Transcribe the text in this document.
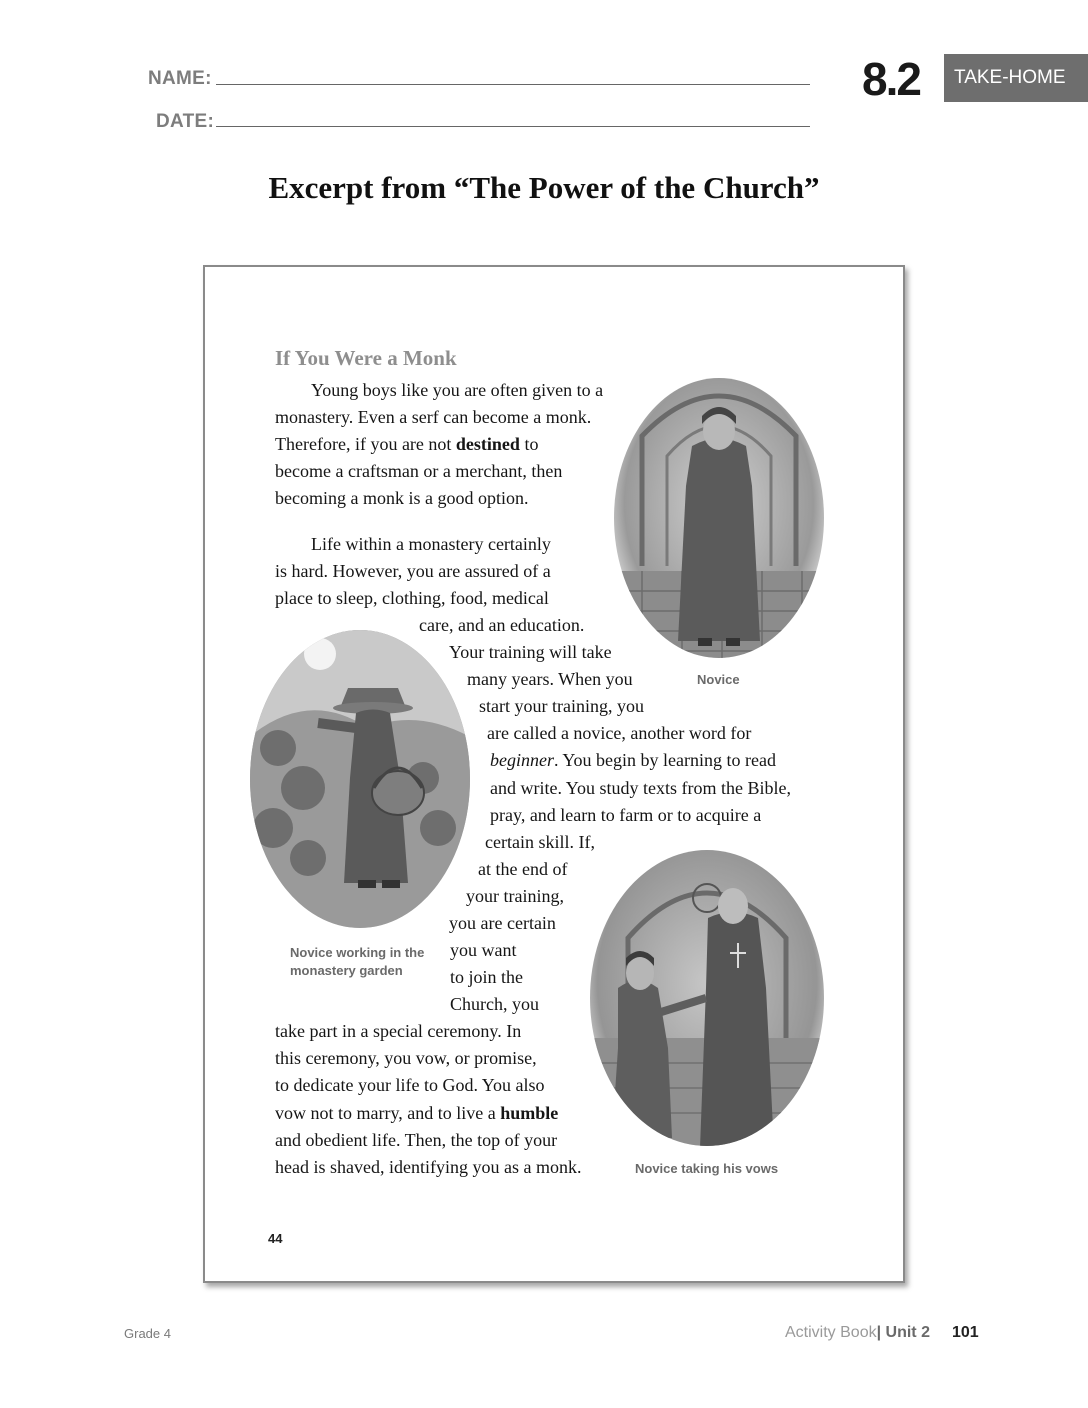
NAME:
DATE:
8.2	TAKE-HOME
Excerpt from “The Power of the Church”
If You Were a Monk
Novice
Novice working in the monastery garden
Novice taking his vows
Young boys like you are often given to a
monastery. Even a serf can become a monk.
Therefore, if you are not destined to
become a craftsman or a merchant, then
becoming a monk is a good option.
Life within a monastery certainly
is hard. However, you are assured of a
place to sleep, clothing, food, medical
care, and an education.
Your training will take
many years. When you
start your training, you
are called a novice, another word for
beginner. You begin by learning to read
and write. You study texts from the Bible,
pray, and learn to farm or to acquire a
certain skill. If,
at the end of
your training,
you are certain
you want
to join the
Church, you
take part in a special ceremony. In
this ceremony, you vow, or promise,
to dedicate your life to God. You also
vow not to marry, and to live a humble
and obedient life. Then, the top of your
head is shaved, identifying you as a monk.
44
Grade 4	Activity Book| Unit 2 101
